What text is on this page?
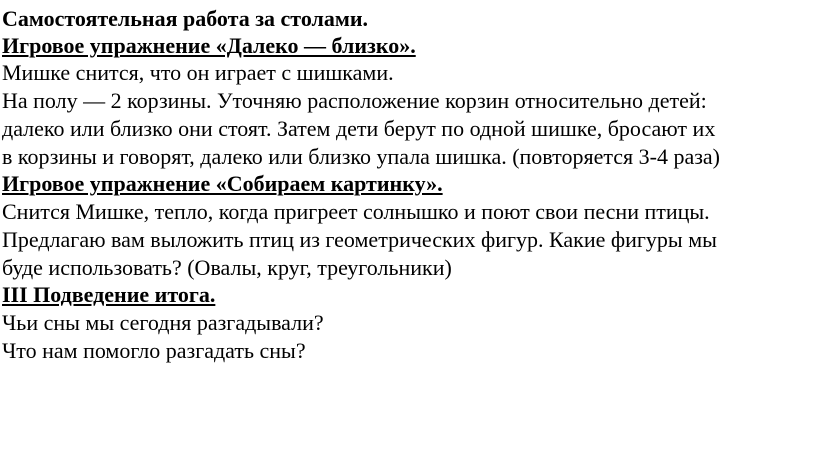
Самостоятельная работа за столами.

Игровое упражнение «Далеко — близко».

Мишке снится, что он играет с шишками.

На полу — 2 корзины. Уточняю расположение корзин относительно детей:

далеко или близко они стоят. Затем дети берут по одной шишке, бросают их

в корзины и говорят, далеко или близко упала шишка. (повторяется 3-4 раза)

Игровое упражнение «Собираем картинку».

Снится Мишке, тепло, когда пригреет солнышко и поют свои песни птицы.

Предлагаю вам выложить птиц из геометрических фигур. Какие фигуры мы

буде использовать? (Овалы, круг, треугольники)

III Подведение итога.

Чьи сны мы сегодня разгадывали?

Что нам помогло разгадать сны?
